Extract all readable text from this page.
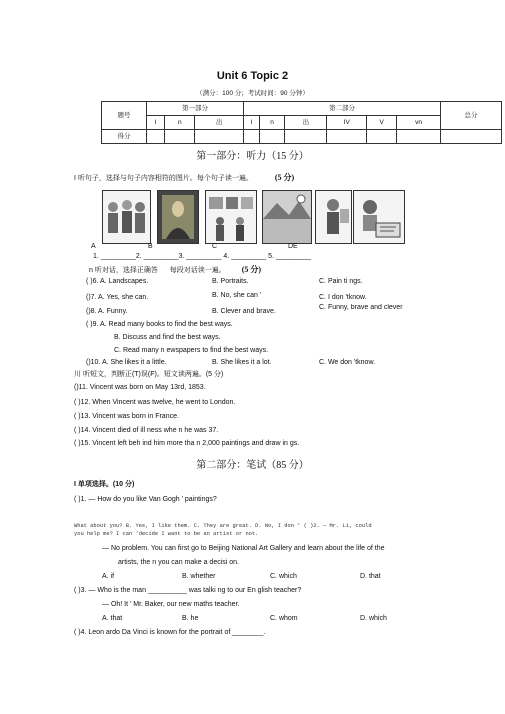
Unit 6 Topic 2
（满分：100 分；考试时间：90 分钟）
题号	第一部分			第二部分						总分
	I	n	出	I	n	出	IV	V	vn	
得分										
第一部分：听力（15 分）
I 听句子，选择与句子内容相符的图片。每个句子读一遍。	(5 分)
A	B	C	DE
1. _________2. _________3. _________ 4. _________ 5. _________
n 听对话，选择正确答 每段对话读一遍。 (5 分)
( )6. A. Landscapes.	B. Portraits.	C. Pain ti ngs.
()7. A. Yes, she can.	B. No, she can ’	C. I don 'tknow.
()8. A. Funny.	B. Clever and brave.
C. Funny, brave and clever
( )9. A. Read many books to find the best ways.
B. Discuss and find the best ways.
C. Read many n ewspapers to find the best ways.
()10. A. She likes it a little.	B. She likes it a lot.	C. We don 'tknow.
川 听短文，判断正(T)误(F)。短文读两遍。(5 分)
()11. Vincent was born on May 13rd, 1853.
( )12. When Vincent was twelve, he went to London.
( )13. Vincent was born in France.
( )14. Vincent died of ill ness whe n he was 37.
( )15. Vincent left beh ind him more tha n 2,000 paintings and draw in gs.
第二部分：笔试（85 分）
I 单项选择。(10 分)
( )1. — How do you like Van Gogh ’ paintings?
What about you? B. Yes, I like them. C. They are great. D. No, I don ' ( )2. — Mr. Li, could
you help me? I can 'decide I want to be an artist or not.
— No problem. You can first go to Beijing National Art Gallery and learn about the life of the
artists, the n you can make a decisi on.
A. if	B. whether	C. which	D. that
( )3. — Who is the man __________ was talki ng to our En glish teacher?
— Oh! It ’ Mr. Baker, our new maths teacher.
A. that	B. he	C. whom	D. which
( )4. Leon ardo Da Vinci is known for the portrait of ________.
